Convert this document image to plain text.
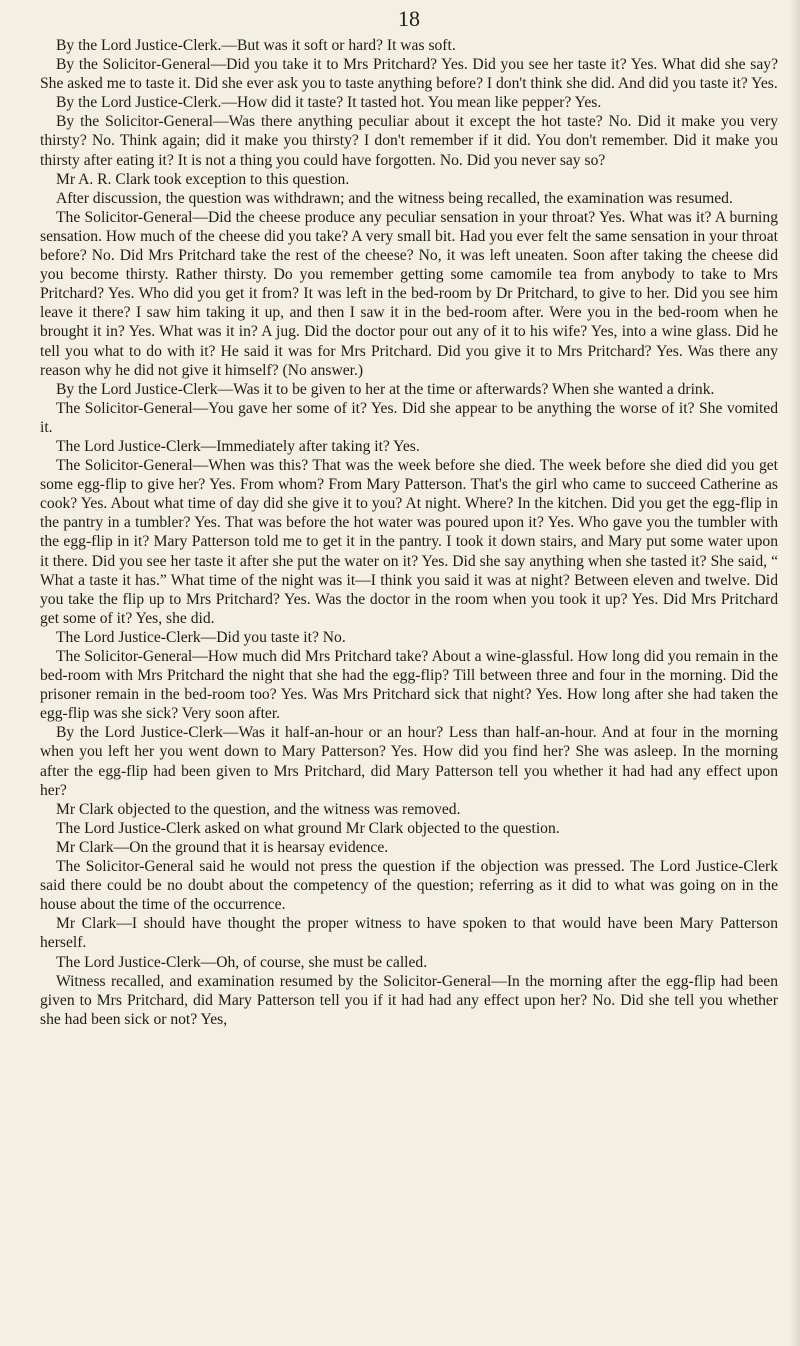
18

By the Lord Justice-Clerk.—But was it soft or hard? It was soft.

By the Solicitor-General—Did you take it to Mrs Pritchard? Yes. Did you see her taste it? Yes. What did she say? She asked me to taste it. Did she ever ask you to taste anything before? I don't think she did. And did you taste it? Yes.

By the Lord Justice-Clerk.—How did it taste? It tasted hot. You mean like pepper? Yes.

By the Solicitor-General—Was there anything peculiar about it except the hot taste? No. Did it make you very thirsty? No. Think again; did it make you thirsty? I don't remember if it did. You don't remember. Did it make you thirsty after eating it? It is not a thing you could have forgotten. No. Did you never say so?

Mr A. R. Clark took exception to this question.

After discussion, the question was withdrawn; and the witness being recalled, the examination was resumed.

The Solicitor-General—Did the cheese produce any peculiar sensation in your throat? Yes. What was it? A burning sensation. How much of the cheese did you take? A very small bit. Had you ever felt the same sensation in your throat before? No. Did Mrs Pritchard take the rest of the cheese? No, it was left uneaten. Soon after taking the cheese did you become thirsty. Rather thirsty. Do you remember getting some camomile tea from anybody to take to Mrs Pritchard? Yes. Who did you get it from? It was left in the bed-room by Dr Pritchard, to give to her. Did you see him leave it there? I saw him taking it up, and then I saw it in the bed-room after. Were you in the bed-room when he brought it in? Yes. What was it in? A jug. Did the doctor pour out any of it to his wife? Yes, into a wine glass. Did he tell you what to do with it? He said it was for Mrs Pritchard. Did you give it to Mrs Pritchard? Yes. Was there any reason why he did not give it himself? (No answer.)

By the Lord Justice-Clerk—Was it to be given to her at the time or afterwards? When she wanted a drink.

The Solicitor-General—You gave her some of it? Yes. Did she appear to be anything the worse of it? She vomited it.

The Lord Justice-Clerk—Immediately after taking it? Yes.

The Solicitor-General—When was this? That was the week before she died. The week before she died did you get some egg-flip to give her? Yes. From whom? From Mary Patterson. That's the girl who came to succeed Catherine as cook? Yes. About what time of day did she give it to you? At night. Where? In the kitchen. Did you get the egg-flip in the pantry in a tumbler? Yes. That was before the hot water was poured upon it? Yes. Who gave you the tumbler with the egg-flip in it? Mary Patterson told me to get it in the pantry. I took it down stairs, and Mary put some water upon it there. Did you see her taste it after she put the water on it? Yes. Did she say anything when she tasted it? She said, “ What a taste it has.” What time of the night was it—I think you said it was at night? Between eleven and twelve. Did you take the flip up to Mrs Pritchard? Yes. Was the doctor in the room when you took it up? Yes. Did Mrs Pritchard get some of it? Yes, she did.

The Lord Justice-Clerk—Did you taste it? No.

The Solicitor-General—How much did Mrs Pritchard take? About a wine-glassful. How long did you remain in the bed-room with Mrs Pritchard the night that she had the egg-flip? Till between three and four in the morning. Did the prisoner remain in the bed-room too? Yes. Was Mrs Pritchard sick that night? Yes. How long after she had taken the egg-flip was she sick? Very soon after.

By the Lord Justice-Clerk—Was it half-an-hour or an hour? Less than half-an-hour. And at four in the morning when you left her you went down to Mary Patterson? Yes. How did you find her? She was asleep. In the morning after the egg-flip had been given to Mrs Pritchard, did Mary Patterson tell you whether it had had any effect upon her?

Mr Clark objected to the question, and the witness was removed.

The Lord Justice-Clerk asked on what ground Mr Clark objected to the question.

Mr Clark—On the ground that it is hearsay evidence.

The Solicitor-General said he would not press the question if the objection was pressed. The Lord Justice-Clerk said there could be no doubt about the competency of the question; referring as it did to what was going on in the house about the time of the occurrence.

Mr Clark—I should have thought the proper witness to have spoken to that would have been Mary Patterson herself.

The Lord Justice-Clerk—Oh, of course, she must be called.

Witness recalled, and examination resumed by the Solicitor-General—In the morning after the egg-flip had been given to Mrs Pritchard, did Mary Patterson tell you if it had had any effect upon her? No. Did she tell you whether she had been sick or not? Yes,
